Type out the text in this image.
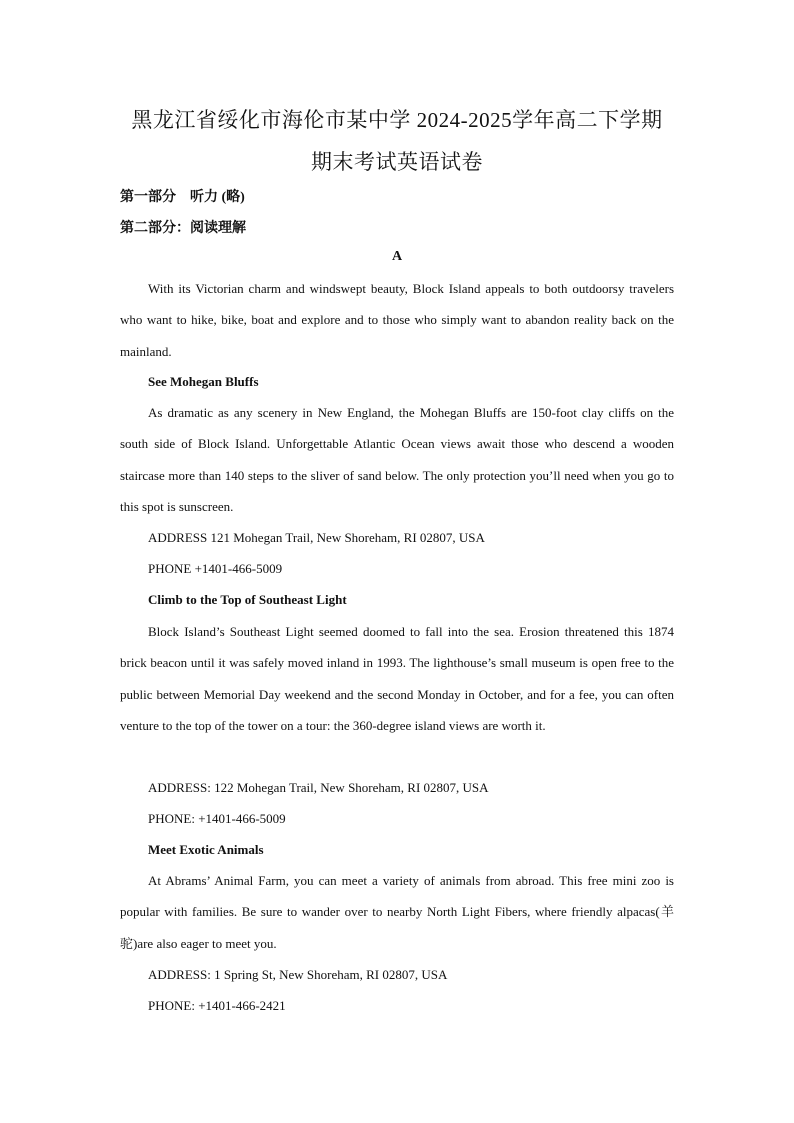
黑龙江省绥化市海伦市某中学 2024-2025学年高二下学期
期末考试英语试卷
第一部分　听力 (略)
第二部分：阅读理解
A
With its Victorian charm and windswept beauty, Block Island appeals to both outdoorsy travelers who want to hike, bike, boat and explore and to those who simply want to abandon reality back on the mainland.
See Mohegan Bluffs
As dramatic as any scenery in New England, the Mohegan Bluffs are 150-foot clay cliffs on the south side of Block Island. Unforgettable Atlantic Ocean views await those who descend a wooden staircase more than 140 steps to the sliver of sand below. The only protection you’ll need when you go to this spot is sunscreen.
ADDRESS 121 Mohegan Trail, New Shoreham, RI 02807, USA
PHONE +1401-466-5009
Climb to the Top of Southeast Light
Block Island’s Southeast Light seemed doomed to fall into the sea. Erosion threatened this 1874 brick beacon until it was safely moved inland in 1993. The lighthouse’s small museum is open free to the public between Memorial Day weekend and the second Monday in October, and for a fee, you can often venture to the top of the tower on a tour: the 360-degree island views are worth it.
ADDRESS: 122 Mohegan Trail, New Shoreham, RI 02807, USA
PHONE: +1401-466-5009
Meet Exotic Animals
At Abrams’ Animal Farm, you can meet a variety of animals from abroad. This free mini zoo is popular with families. Be sure to wander over to nearby North Light Fibers, where friendly alpacas(羊驼)are also eager to meet you.
ADDRESS: 1 Spring St, New Shoreham, RI 02807, USA
PHONE: +1401-466-2421
